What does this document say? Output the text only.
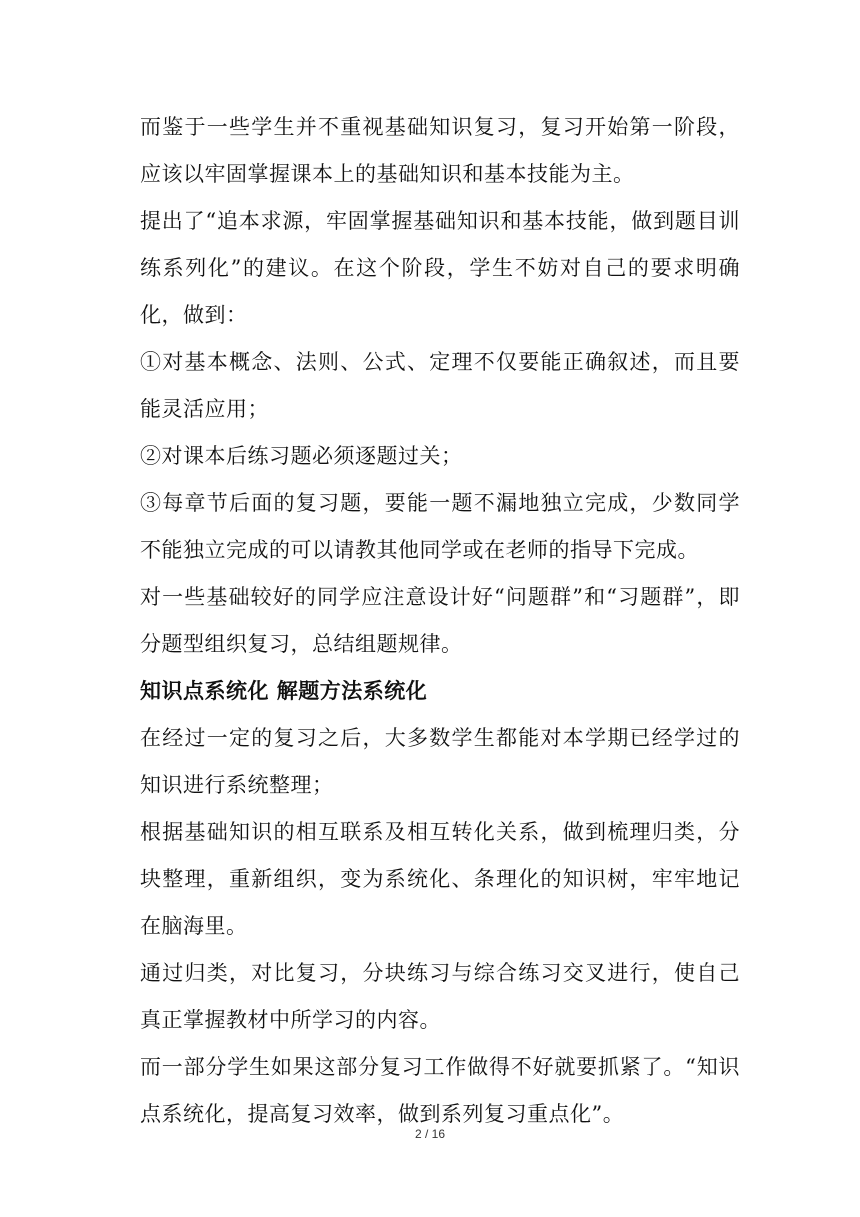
而鉴于一些学生并不重视基础知识复习，复习开始第一阶段，应该以牢固掌握课本上的基础知识和基本技能为主。

提出了“追本求源，牢固掌握基础知识和基本技能，做到题目训练系列化”的建议。在这个阶段，学生不妨对自己的要求明确化，做到：

①对基本概念、法则、公式、定理不仅要能正确叙述，而且要能灵活应用；

②对课本后练习题必须逐题过关；

③每章节后面的复习题，要能一题不漏地独立完成，少数同学不能独立完成的可以请教其他同学或在老师的指导下完成。

对一些基础较好的同学应注意设计好“问题群”和“习题群”，即分题型组织复习，总结组题规律。

知识点系统化 解题方法系统化

在经过一定的复习之后，大多数学生都能对本学期已经学过的知识进行系统整理；

根据基础知识的相互联系及相互转化关系，做到梳理归类，分块整理，重新组织，变为系统化、条理化的知识树，牢牢地记在脑海里。

通过归类，对比复习，分块练习与综合练习交叉进行，使自己真正掌握教材中所学习的内容。

而一部分学生如果这部分复习工作做得不好就要抓紧了。“知识点系统化，提高复习效率，做到系列复习重点化”。

2 / 16
